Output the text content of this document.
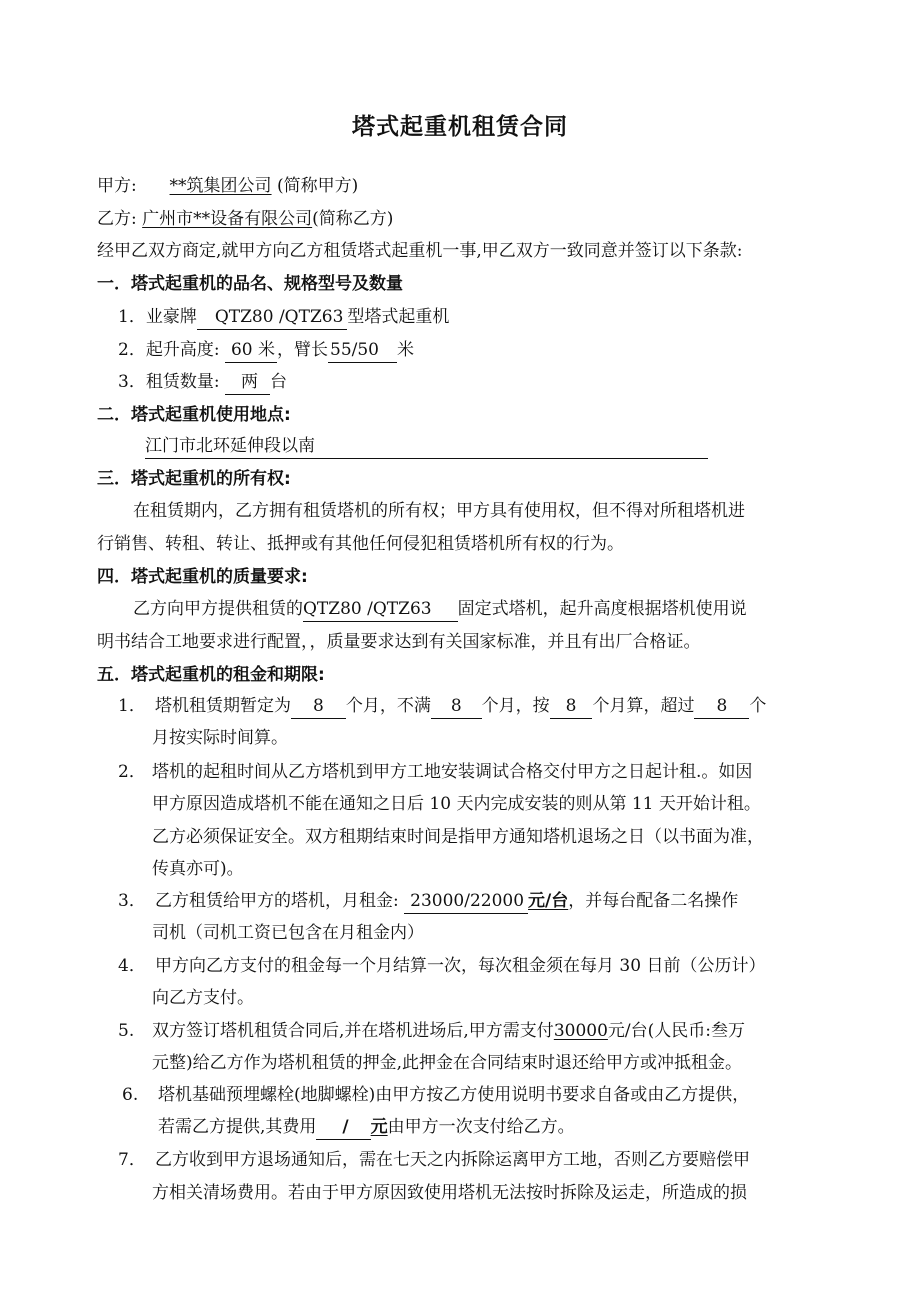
塔式起重机租赁合同
甲方: **筑集团公司 (简称甲方)
乙方: 广州市**设备有限公司(简称乙方)
经甲乙双方商定,就甲方向乙方租赁塔式起重机一事,甲乙双方一致同意并签订以下条款:
一．塔式起重机的品名、规格型号及数量
1．业豪牌 QTZ80 /QTZ63 型塔式起重机
2．起升高度: 60 米 ，臂长 55/50 米
3．租赁数量: 两 台
二．塔式起重机使用地点:
江门市北环延伸段以南
三．塔式起重机的所有权:
在租赁期内，乙方拥有租赁塔机的所有权；甲方具有使用权，但不得对所租塔机进
行销售、转租、转让、抵押或有其他任何侵犯租赁塔机所有权的行为。
四．塔式起重机的质量要求:
乙方向甲方提供租赁的QTZ80 /QTZ63 固定式塔机，起升高度根据塔机使用说
明书结合工地要求进行配置，，质量要求达到有关国家标准，并且有出厂合格证。
五．塔式起重机的租金和期限:
1． 塔机租赁期暂定为 8 个月，不满 8 个月，按 8 个月算，超过 8 个
月按实际时间算。
2． 塔机的起租时间从乙方塔机到甲方工地安装调试合格交付甲方之日起计租.。如因
甲方原因造成塔机不能在通知之日后 10 天内完成安装的则从第 11 天开始计租。
乙方必须保证安全。双方租期结束时间是指甲方通知塔机退场之日（以书面为准，
传真亦可)。
3． 乙方租赁给甲方的塔机，月租金: 23000/22000 元/台，并每台配备二名操作
司机（司机工资已包含在月租金内）
4． 甲方向乙方支付的租金每一个月结算一次，每次租金须在每月 30 日前（公历计）
向乙方支付。
5. 双方签订塔机租赁合同后,并在塔机进场后,甲方需支付30000元/台(人民币:叁万
元整)给乙方作为塔机租赁的押金,此押金在合同结束时退还给甲方或冲抵租金。
6. 塔机基础预埋螺栓(地脚螺栓)由甲方按乙方使用说明书要求自备或由乙方提供，
若需乙方提供,其费用 / 元由甲方一次支付给乙方。
7． 乙方收到甲方退场通知后，需在七天之内拆除运离甲方工地，否则乙方要赔偿甲
方相关清场费用。若由于甲方原因致使用塔机无法按时拆除及运走，所造成的损
